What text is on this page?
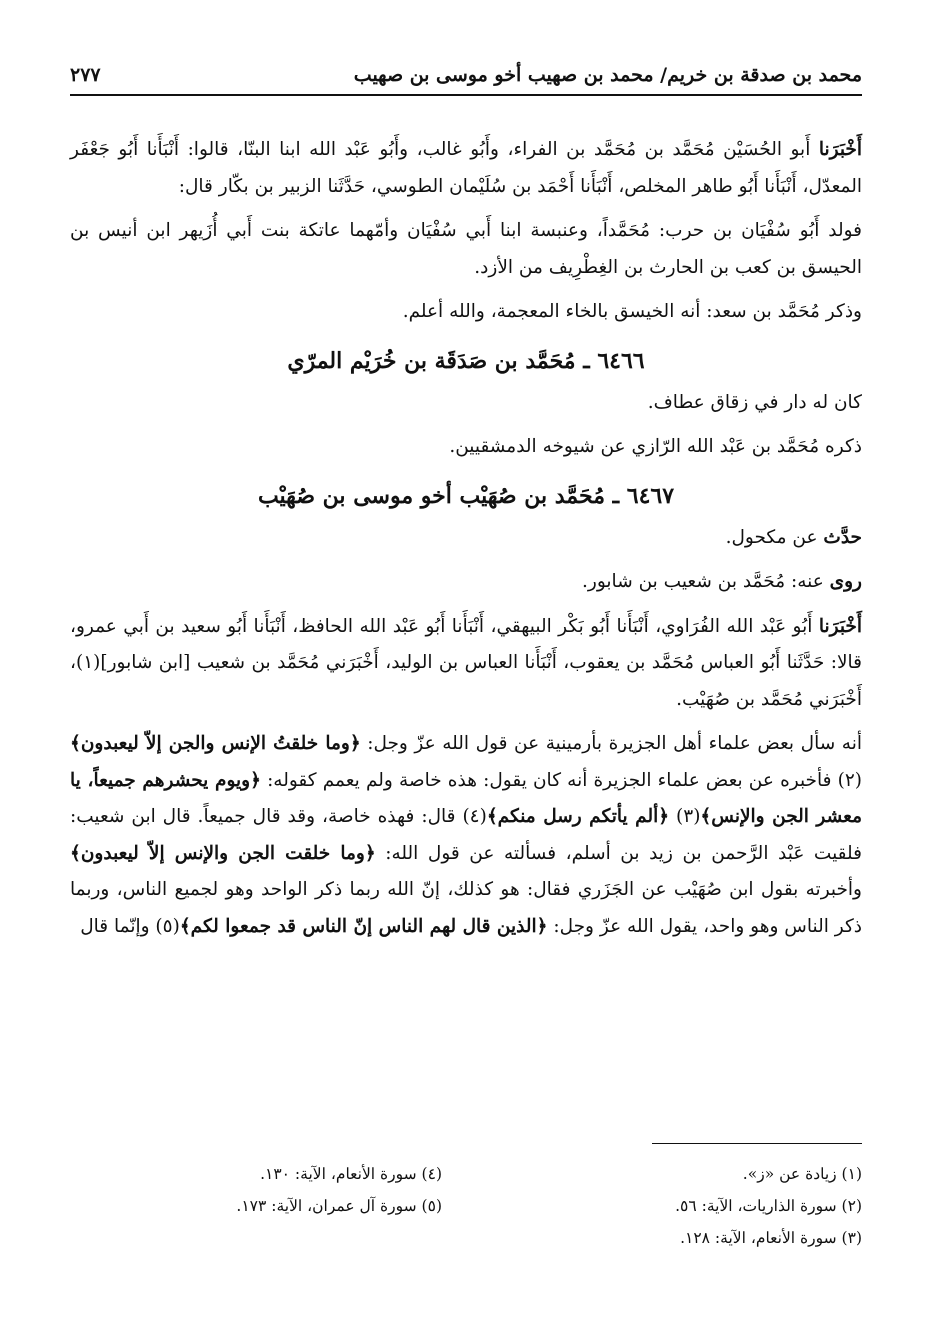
محمد بن صدقة بن خريم/ محمد بن صهيب أخو موسى بن صهيب
٢٧٧

أَخْبَرَنا أَبو الحُسَيْن مُحَمَّد بن مُحَمَّد بن الفراء، وأَبُو غالب، وأَبُو عَبْد الله ابنا البنّا، قالوا: أَنْبَأَنا أَبُو جَعْفَر المعدّل، أَنْبَأَنا أَبُو طاهر المخلص، أَنْبَأَنا أَحْمَد بن سُلَيْمان الطوسي، حَدَّثَنا الزبير بن بكّار قال:

فولد أَبُو سُفْيَان بن حرب: مُحَمَّداً، وعنبسة ابنا أَبي سُفْيَان وأمّهما عاتكة بنت أَبي أُزَيهر ابن أنيس بن الحيسق بن كعب بن الحارث بن الغِطْرِيف من الأزد.

وذكر مُحَمَّد بن سعد: أنه الخيسق بالخاء المعجمة، والله أعلم.

٦٤٦٦ ـ مُحَمَّد بن صَدَقَة بن خُرَيْم المرّي

كان له دار في زقاق عطاف.

ذكره مُحَمَّد بن عَبْد الله الرّازي عن شيوخه الدمشقيين.

٦٤٦٧ ـ مُحَمَّد بن صُهَيْب أخو موسى بن صُهَيْب

حدَّث عن مكحول.

روى عنه: مُحَمَّد بن شعيب بن شابور.

أَخْبَرَنا أَبُو عَبْد الله الفُرَاوي، أَنْبَأَنا أَبُو بَكْر البيهقي، أَنْبَأَنا أَبُو عَبْد الله الحافظ، أَنْبَأَنا أَبُو سعيد بن أَبي عمرو، قالا: حَدَّثَنا أَبُو العباس مُحَمَّد بن يعقوب، أَنْبَأَنا العباس بن الوليد، أَخْبَرَني مُحَمَّد بن شعيب [ابن شابور](١)، أَخْبَرَني مُحَمَّد بن صُهَيْب.

أنه سأل بعض علماء أهل الجزيرة بأرمينية عن قول الله عزّ وجل: ﴿وما خلقتُ الإنس والجن إلاّ ليعبدون﴾(٢) فأخبره عن بعض علماء الجزيرة أنه كان يقول: هذه خاصة ولم يعمم كقوله: ﴿ويوم يحشرهم جميعاً، يا معشر الجن والإنس﴾(٣) ﴿ألم يأتكم رسل منكم﴾(٤) قال: فهذه خاصة، وقد قال جميعاً. قال ابن شعيب: فلقيت عَبْد الرَّحمن بن زيد بن أسلم، فسألته عن قول الله: ﴿وما خلقت الجن والإنس إلاّ ليعبدون﴾ وأخبرته بقول ابن صُهَيْب عن الجَزَري فقال: هو كذلك، إنّ الله ربما ذكر الواحد وهو لجميع الناس، وربما ذكر الناس وهو واحد، يقول الله عزّ وجل: ﴿الذين قال لهم الناس إنّ الناس قد جمعوا لكم﴾(٥) وإنّما قال

(١) زيادة عن «ز».
(٢) سورة الذاريات، الآية: ٥٦.
(٣) سورة الأنعام، الآية: ١٢٨.
(٤) سورة الأنعام، الآية: ١٣٠.
(٥) سورة آل عمران، الآية: ١٧٣.
